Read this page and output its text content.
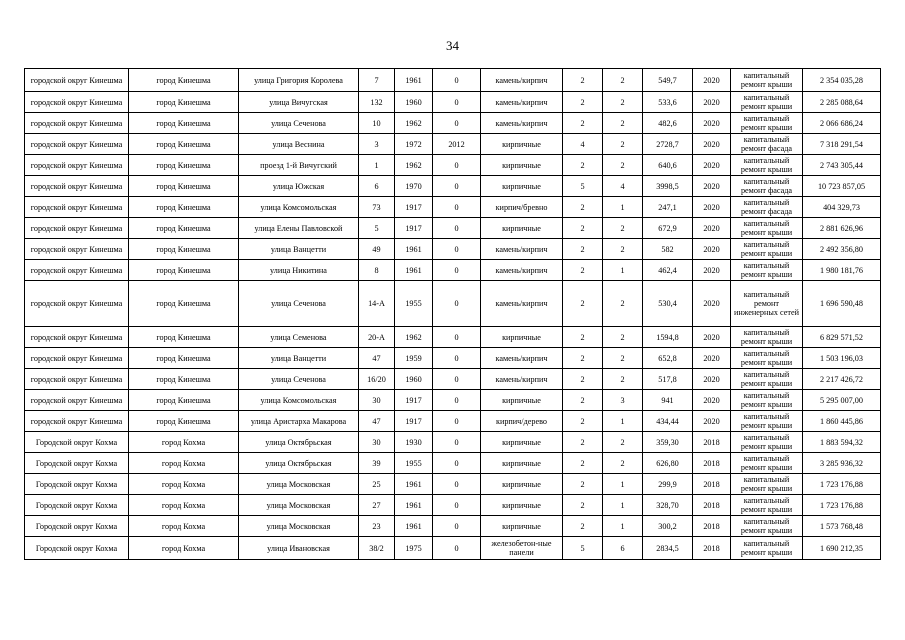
34
городской округ Кинешма	город Кинешма	улица Григория Королева	7	1961	0	камень/кирпич	2	2	549,7	2020	капитальный ремонт крыши	2 354 035,28
городской округ Кинешма	город Кинешма	улица Вичугская	132	1960	0	камень/кирпич	2	2	533,6	2020	капитальный ремонт крыши	2 285 088,64
городской округ Кинешма	город Кинешма	улица Сеченова	10	1962	0	камень/кирпич	2	2	482,6	2020	капитальный ремонт крыши	2 066 686,24
городской округ Кинешма	город Кинешма	улица Веснина	3	1972	2012	кирпичные	4	2	2728,7	2020	капитальный ремонт фасада	7 318 291,54
городской округ Кинешма	город Кинешма	проезд 1-й Вичугский	1	1962	0	кирпичные	2	2	640,6	2020	капитальный ремонт крыши	2 743 305,44
городской округ Кинешма	город Кинешма	улица Южская	6	1970	0	кирпичные	5	4	3998,5	2020	капитальный ремонт фасада	10 723 857,05
городской округ Кинешма	город Кинешма	улица Комсомольская	73	1917	0	кирпич/бревно	2	1	247,1	2020	капитальный ремонт фасада	404 329,73
городской округ Кинешма	город Кинешма	улица Елены Павловской	5	1917	0	кирпичные	2	2	672,9	2020	капитальный ремонт крыши	2 881 626,96
городской округ Кинешма	город Кинешма	улица Ванцетти	49	1961	0	камень/кирпич	2	2	582	2020	капитальный ремонт крыши	2 492 356,80
городской округ Кинешма	город Кинешма	улица Никитина	8	1961	0	камень/кирпич	2	1	462,4	2020	капитальный ремонт крыши	1 980 181,76
городской округ Кинешма	город Кинешма	улица Сеченова	14-А	1955	0	камень/кирпич	2	2	530,4	2020	капитальный ремонт инженерных сетей	1 696 590,48
городской округ Кинешма	город Кинешма	улица Семенова	20-А	1962	0	кирпичные	2	2	1594,8	2020	капитальный ремонт крыши	6 829 571,52
городской округ Кинешма	город Кинешма	улица Ванцетти	47	1959	0	камень/кирпич	2	2	652,8	2020	капитальный ремонт крыши	1 503 196,03
городской округ Кинешма	город Кинешма	улица Сеченова	16/20	1960	0	камень/кирпич	2	2	517,8	2020	капитальный ремонт крыши	2 217 426,72
городской округ Кинешма	город Кинешма	улица Комсомольская	30	1917	0	кирпичные	2	3	941	2020	капитальный ремонт крыши	5 295 007,00
городской округ Кинешма	город Кинешма	улица Аристарха Макарова	47	1917	0	кирпич/дерево	2	1	434,44	2020	капитальный ремонт крыши	1 860 445,86
Городской округ Кохма	город Кохма	улица Октябрьская	30	1930	0	кирпичные	2	2	359,30	2018	капитальный ремонт крыши	1 883 594,32
Городской округ Кохма	город Кохма	улица Октябрьская	39	1955	0	кирпичные	2	2	626,80	2018	капитальный ремонт крыши	3 285 936,32
Городской округ Кохма	город Кохма	улица Московская	25	1961	0	кирпичные	2	1	299,9	2018	капитальный ремонт крыши	1 723 176,88
Городской округ Кохма	город Кохма	улица Московская	27	1961	0	кирпичные	2	1	328,70	2018	капитальный ремонт крыши	1 723 176,88
Городской округ Кохма	город Кохма	улица Московская	23	1961	0	кирпичные	2	1	300,2	2018	капитальный ремонт крыши	1 573 768,48
Городской округ Кохма	город Кохма	улица Ивановская	38/2	1975	0	железобетон-ные панели	5	6	2834,5	2018	капитальный ремонт крыши	1 690 212,35
